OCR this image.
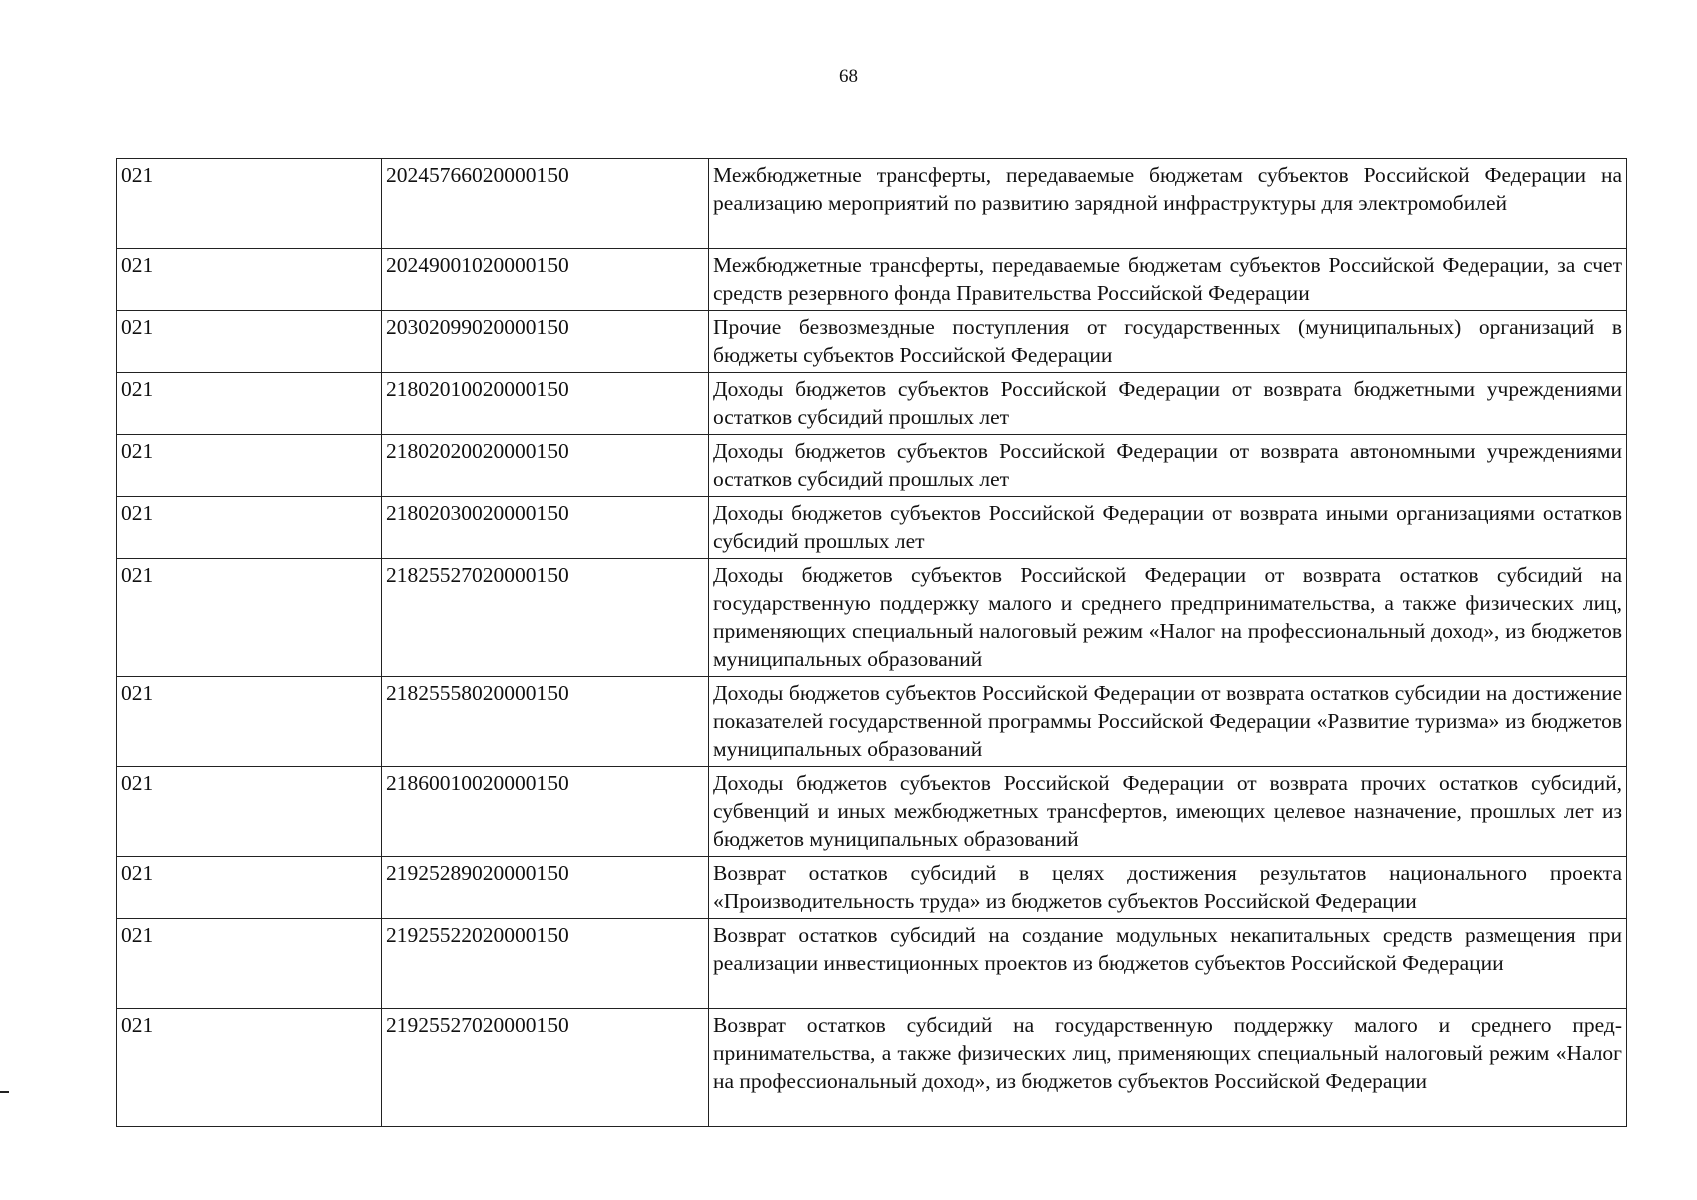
68
021	20245766020000150	Межбюджетные трансферты, передаваемые бюджетам субъектов Российской Федерации на реализацию мероприятий по развитию зарядной инфраструктуры для электромобилей
021	20249001020000150	Межбюджетные трансферты, передаваемые бюджетам субъектов Российской Федерации, за счет средств резервного фонда Правительства Российской Федерации
021	20302099020000150	Прочие безвозмездные поступления от государственных (муниципальных) организаций в бюджеты субъектов Российской Федерации
021	21802010020000150	Доходы бюджетов субъектов Российской Федерации от возврата бюджетными учреждениями остатков субсидий прошлых лет
021	21802020020000150	Доходы бюджетов субъектов Российской Федерации от возврата автономными учреждениями остатков субсидий прошлых лет
021	21802030020000150	Доходы бюджетов субъектов Российской Федерации от возврата иными организациями остатков субсидий прошлых лет
021	21825527020000150	Доходы бюджетов субъектов Российской Федерации от возврата остатков субсидий на государственную поддержку малого и среднего предпринимательства, а также физических лиц, применяющих специальный налоговый режим «Налог на профессиональный доход», из бюджетов муниципальных образований
021	21825558020000150	Доходы бюджетов субъектов Российской Федерации от возврата остатков субсидии на достижение показателей государственной программы Российской Федерации «Развитие туризма» из бюджетов муниципальных образований
021	21860010020000150	Доходы бюджетов субъектов Российской Федерации от возврата прочих остатков субсидий, субвенций и иных межбюджетных трансфертов, имеющих целевое назначение, прошлых лет из бюджетов муниципальных образований
021	21925289020000150	Возврат остатков субсидий в целях достижения результатов национального проекта «Производительность труда» из бюджетов субъектов Российской Федерации
021	21925522020000150	Возврат остатков субсидий на создание модульных некапитальных средств размещения при реализации инвестиционных проектов из бюджетов субъектов Российской Федерации
021	21925527020000150	Возврат остатков субсидий на государственную поддержку малого и среднего предпринимательства, а также физических лиц, применяющих специальный налоговый режим «Налог на профессиональный доход», из бюджетов субъектов Российской Федерации
